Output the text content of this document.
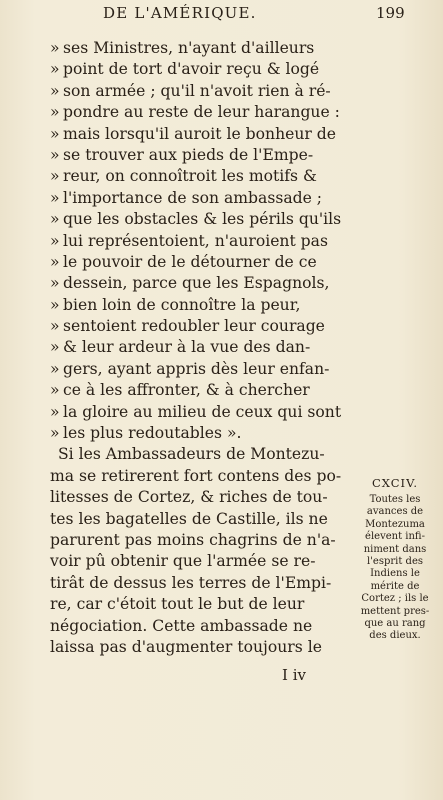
DE L'AMÉRIQUE.	199
» ses Ministres, n'ayant d'ailleurs
» point de tort d'avoir reçu & logé
» son armée ; qu'il n'avoit rien à ré-
» pondre au reste de leur harangue :
» mais lorsqu'il auroit le bonheur de
» se trouver aux pieds de l'Empe-
» reur, on connoîtroit les motifs &
» l'importance de son ambassade ;
» que les obstacles & les périls qu'ils
» lui représentoient, n'auroient pas
» le pouvoir de le détourner de ce
» dessein, parce que les Espagnols,
» bien loin de connoître la peur,
» sentoient redoubler leur courage
» & leur ardeur à la vue des dan-
» gers, ayant appris dès leur enfan-
» ce à les affronter, & à chercher
» la gloire au milieu de ceux qui sont
» les plus redoutables ».
Si les Ambassadeurs de Montezu-
ma se retirerent fort contens des po-
litesses de Cortez, & riches de tou-
tes les bagatelles de Castille, ils ne
parurent pas moins chagrins de n'a-
voir pû obtenir que l'armée se re-
tirât de dessus les terres de l'Empi-
re, car c'étoit tout le but de leur
négociation. Cette ambassade ne
laissa pas d'augmenter toujours le
CXCIV.
Toutes les
avances de
Montezuma
élevent infi-
niment dans
l'esprit des
Indiens le
mérite de
Cortez ; ils le
mettent pres-
que au rang
des dieux.
I iv
